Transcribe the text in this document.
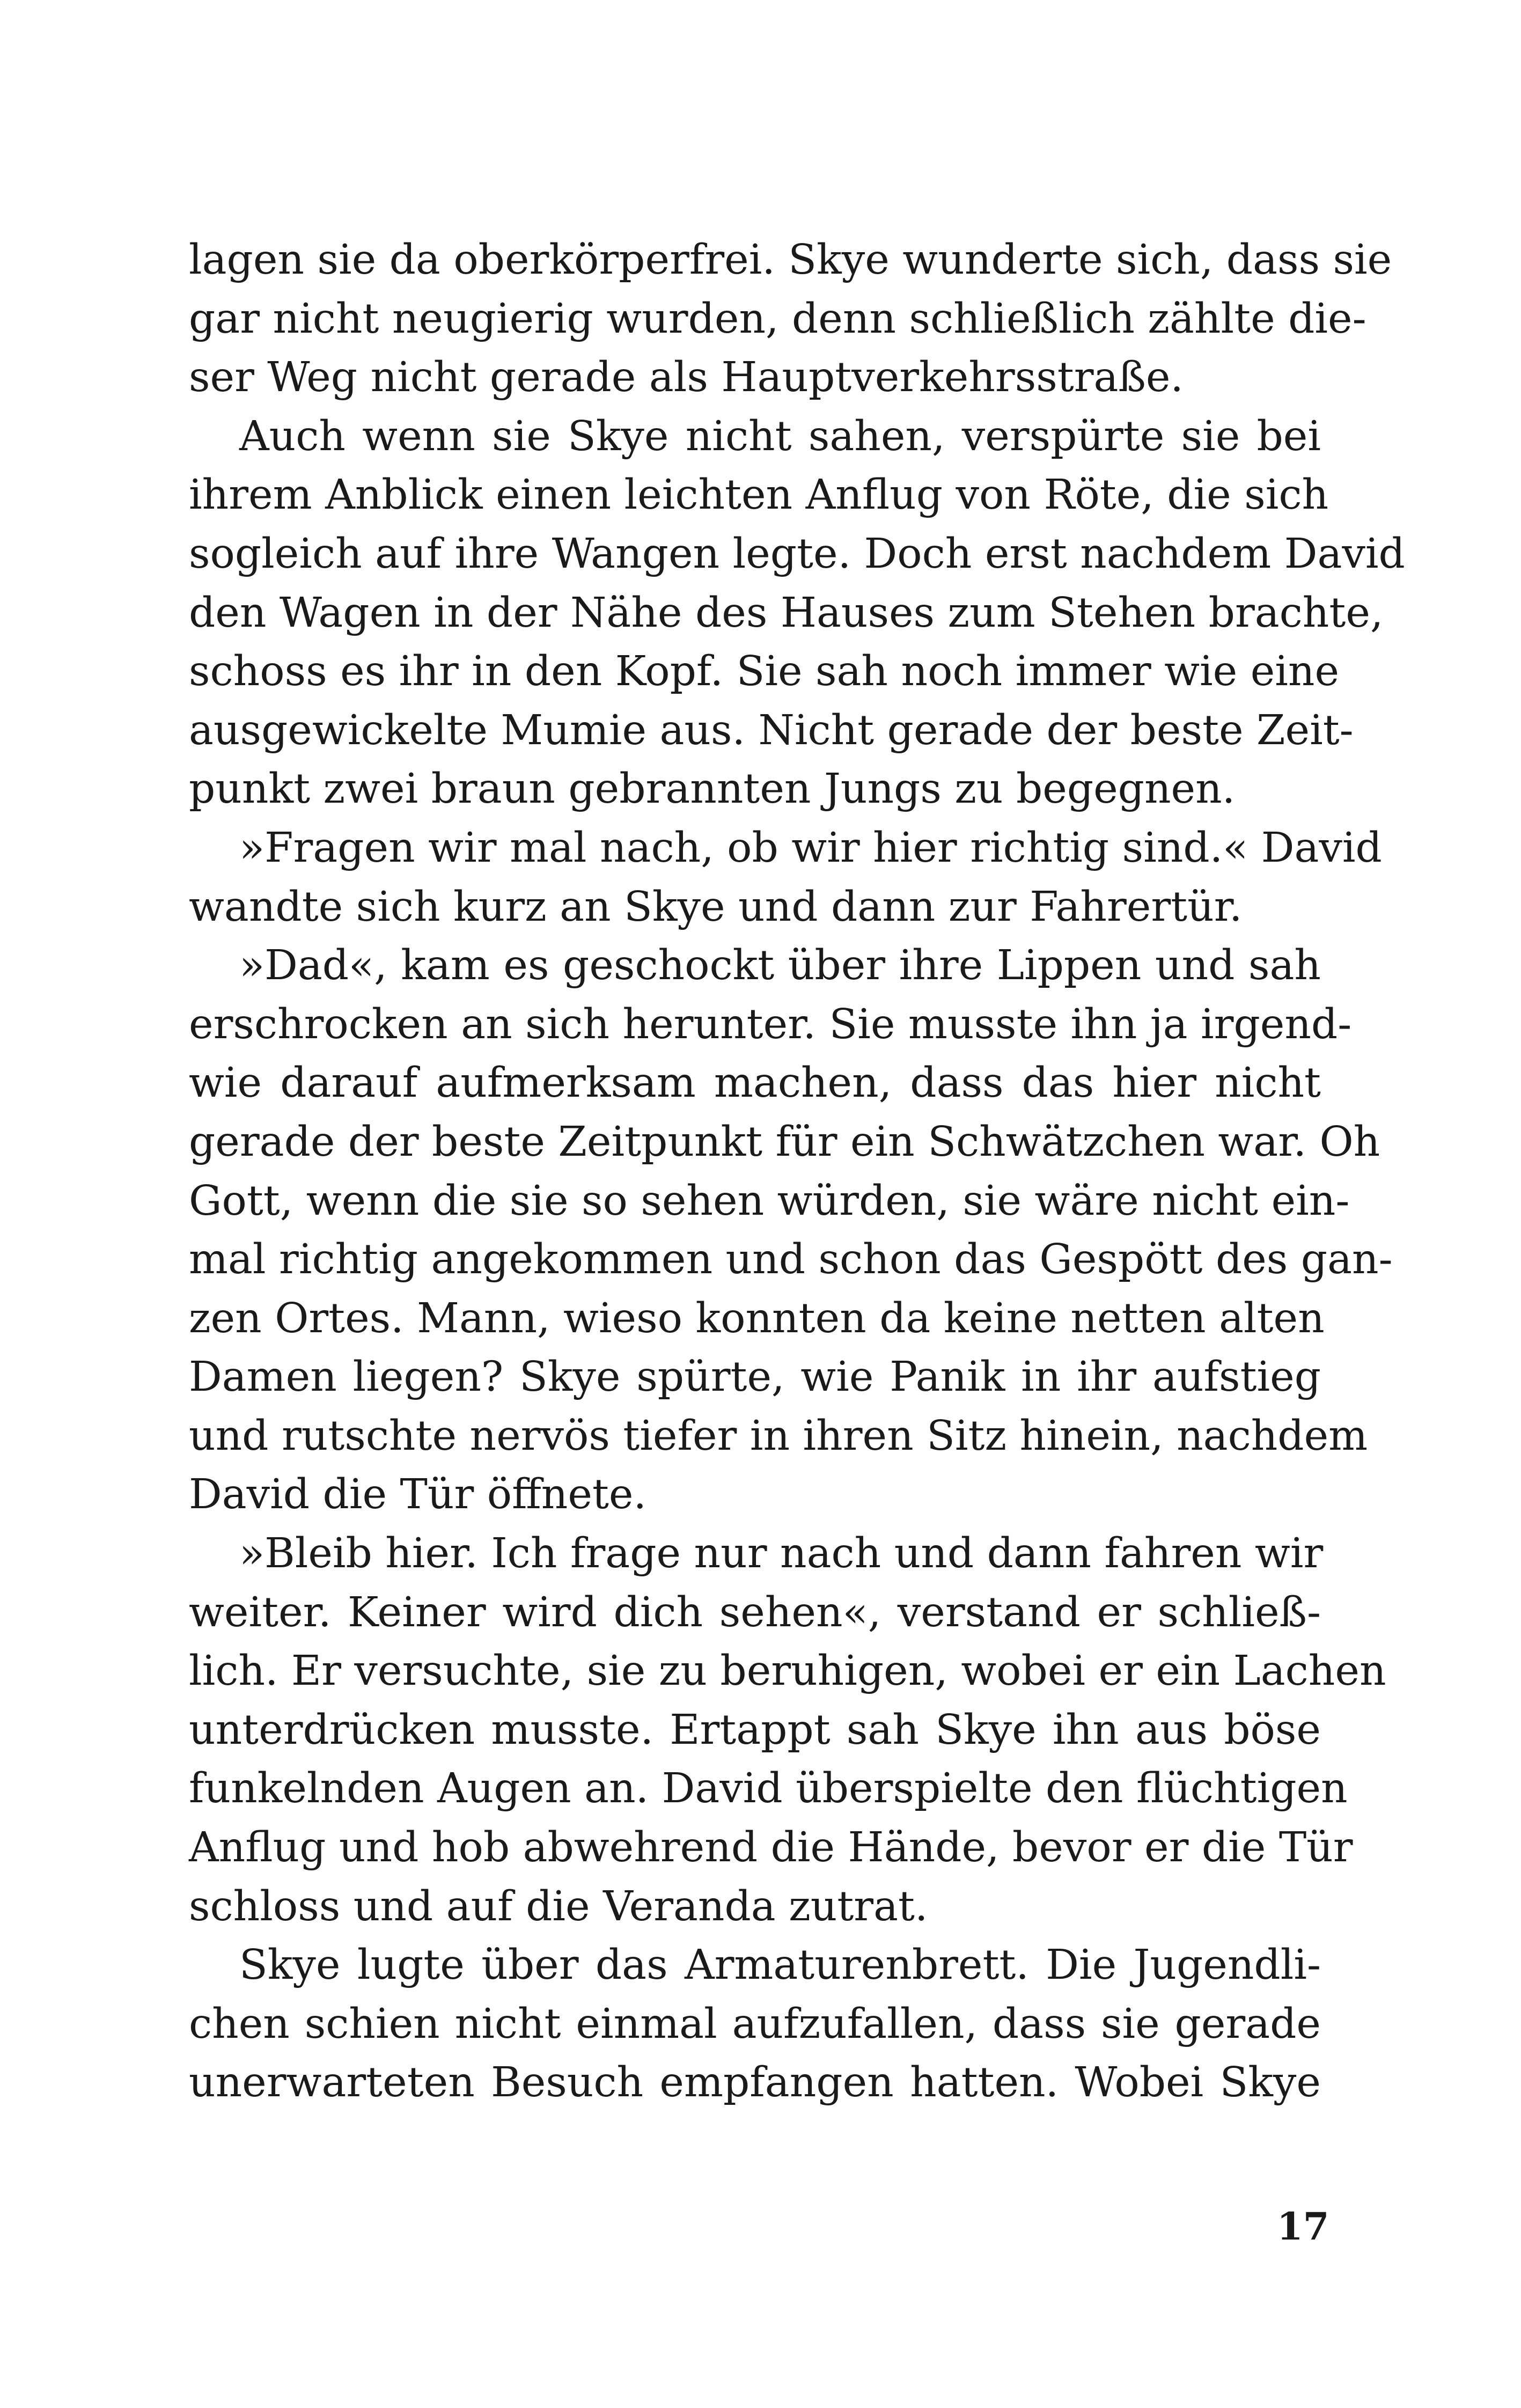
lagen sie da oberkörperfrei. Skye wunderte sich, dass sie
gar nicht neugierig wurden, denn schließlich zählte die-
ser Weg nicht gerade als Hauptverkehrsstraße.

Auch wenn sie Skye nicht sahen, verspürte sie bei
ihrem Anblick einen leichten Anflug von Röte, die sich
sogleich auf ihre Wangen legte. Doch erst nachdem David
den Wagen in der Nähe des Hauses zum Stehen brachte,
schoss es ihr in den Kopf. Sie sah noch immer wie eine
ausgewickelte Mumie aus. Nicht gerade der beste Zeit-
punkt zwei braun gebrannten Jungs zu begegnen.

»Fragen wir mal nach, ob wir hier richtig sind.« David
wandte sich kurz an Skye und dann zur Fahrertür.

»Dad«, kam es geschockt über ihre Lippen und sah
erschrocken an sich herunter. Sie musste ihn ja irgend-
wie darauf aufmerksam machen, dass das hier nicht
gerade der beste Zeitpunkt für ein Schwätzchen war. Oh
Gott, wenn die sie so sehen würden, sie wäre nicht ein-
mal richtig angekommen und schon das Gespött des gan-
zen Ortes. Mann, wieso konnten da keine netten alten
Damen liegen? Skye spürte, wie Panik in ihr aufstieg
und rutschte nervös tiefer in ihren Sitz hinein, nachdem
David die Tür öffnete.

»Bleib hier. Ich frage nur nach und dann fahren wir
weiter. Keiner wird dich sehen«, verstand er schließ-
lich. Er versuchte, sie zu beruhigen, wobei er ein Lachen
unterdrücken musste. Ertappt sah Skye ihn aus böse
funkelnden Augen an. David überspielte den flüchtigen
Anflug und hob abwehrend die Hände, bevor er die Tür
schloss und auf die Veranda zutrat.

Skye lugte über das Armaturenbrett. Die Jugendli-
chen schien nicht einmal aufzufallen, dass sie gerade
unerwarteten Besuch empfangen hatten. Wobei Skye

17
